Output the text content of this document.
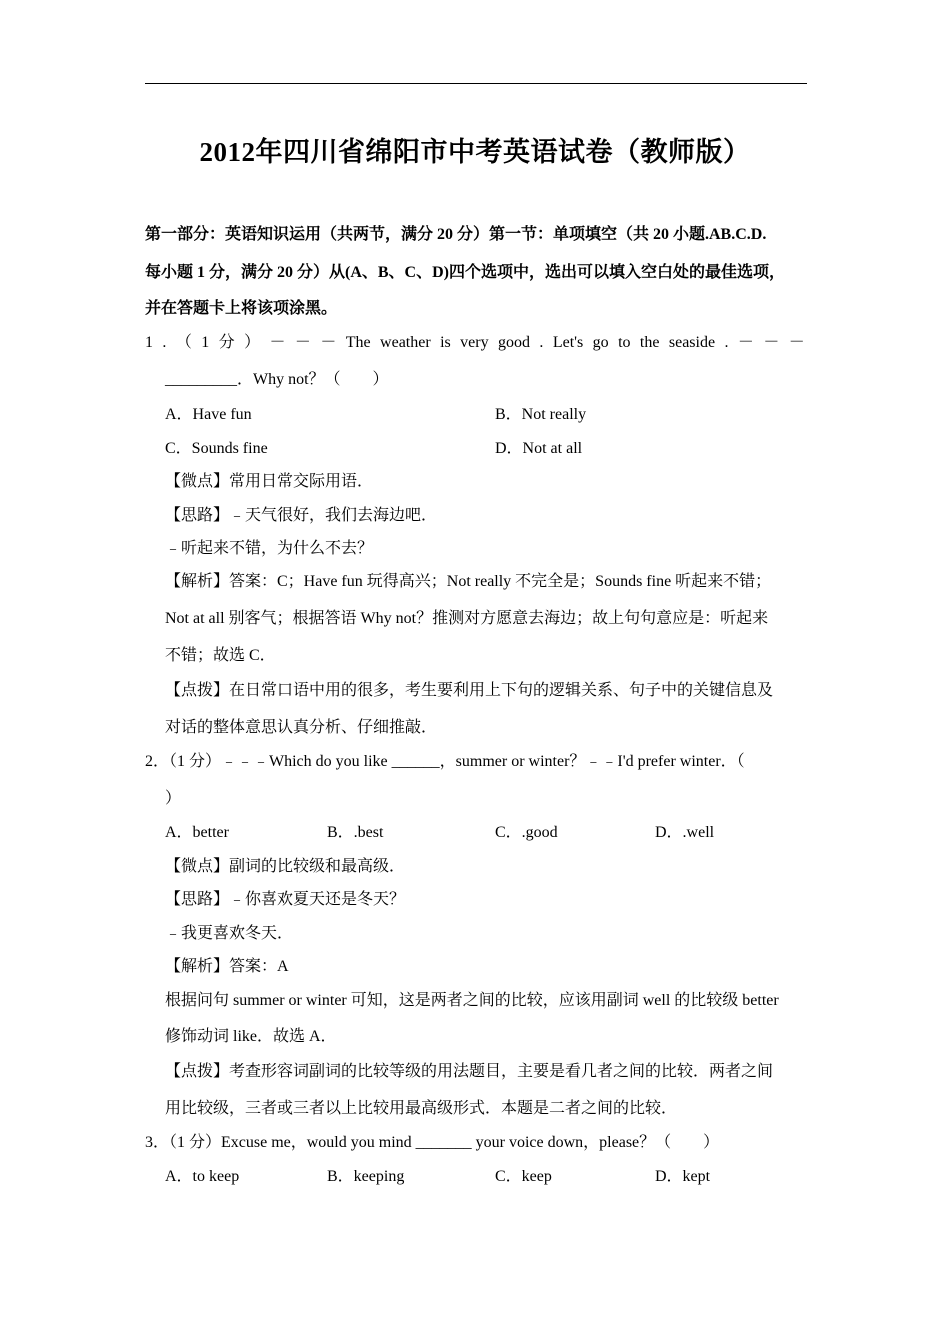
2012年四川省绵阳市中考英语试卷（教师版）
第一部分：英语知识运用（共两节，满分 20 分）第一节：单项填空（共 20 小题.AB.C.D.
每小题 1 分，满分 20 分）从(A、B、C、D)四个选项中，选出可以填入空白处的最佳选项，
并在答题卡上将该项涂黑。
1 . （ 1 分 ） － － － The weather is very good . Let's go to the seaside . － － －
_________．Why not？（　　）
A．Have fun	B．Not really
C．Sounds fine	D．Not at all
【微点】常用日常交际用语．
【思路】﹣天气很好，我们去海边吧．
﹣听起来不错，为什么不去？
【解析】答案：C；Have fun 玩得高兴；Not really 不完全是；Sounds fine 听起来不错；
Not at all 别客气；根据答语 Why not？推测对方愿意去海边；故上句句意应是：听起来
不错；故选 C．
【点拨】在日常口语中用的很多，考生要利用上下句的逻辑关系、句子中的关键信息及
对话的整体意思认真分析、仔细推敲．
2．（1 分）﹣﹣﹣Which do you like ______，summer or winter？﹣﹣I'd prefer winter．（
）
A．better	B．.best	C．.good	D．.well
【微点】副词的比较级和最高级．
【思路】﹣你喜欢夏天还是冬天？
﹣我更喜欢冬天．
【解析】答案：A
根据问句 summer or winter 可知，这是两者之间的比较，应该用副词 well 的比较级 better
修饰动词 like．故选 A．
【点拨】考查形容词副词的比较等级的用法题目，主要是看几者之间的比较．两者之间
用比较级，三者或三者以上比较用最高级形式．本题是二者之间的比较．
3．（1 分）Excuse me，would you mind _______ your voice down，please？（　　）
A．to keep	B．keeping	C．keep	D．kept
